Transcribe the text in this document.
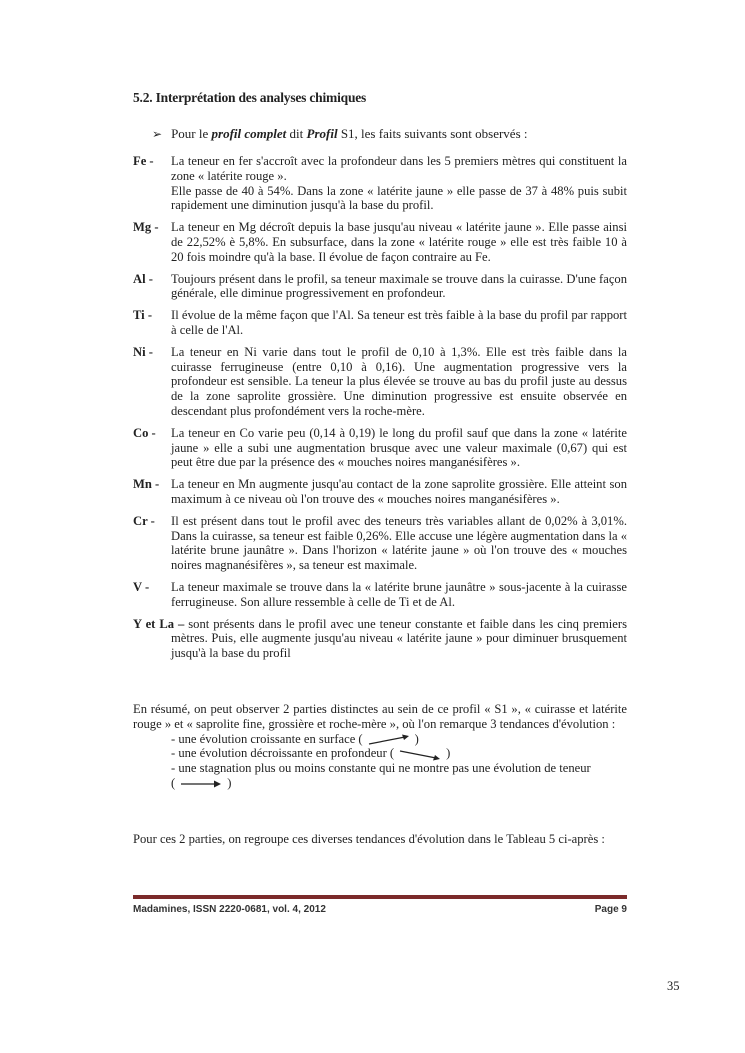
5.2. Interprétation des analyses chimiques
➢ Pour le profil complet dit Profil S1, les faits suivants sont observés :
Fe -	La teneur en fer s'accroît avec la profondeur dans les 5 premiers mètres qui constituent la zone « latérite rouge ».

Elle passe de 40 à 54%. Dans la zone « latérite jaune » elle passe de 37 à 48% puis subit rapidement une diminution jusqu'à la base du profil.

Mg - La teneur en Mg décroît depuis la base jusqu'au niveau « latérite jaune ». Elle passe ainsi de 22,52% è 5,8%. En subsurface, dans la zone « latérite rouge » elle est très faible 10 à 20 fois moindre qu'à la base. Il évolue de façon contraire au Fe.

Al -	Toujours présent dans le profil, sa teneur maximale se trouve dans la cuirasse. D'une façon générale, elle diminue progressivement en profondeur.

Ti -	Il évolue de la même façon que l'Al. Sa teneur est très faible à la base du profil par rapport à celle de l'Al.

Ni -	La teneur en Ni varie dans tout le profil de 0,10 à 1,3%. Elle est très faible dans la cuirasse ferrugineuse (entre 0,10 à 0,16). Une augmentation progressive vers la profondeur est sensible. La teneur la plus élevée se trouve au bas du profil juste au dessus de la zone saprolite grossière. Une diminution progressive est ensuite observée en descendant plus profondément vers la roche-mère.

Co -	La teneur en Co varie peu (0,14 à 0,19) le long du profil sauf que dans la zone « latérite jaune » elle a subi une augmentation brusque avec une valeur maximale (0,67) qui est peut être due par la présence des « mouches noires manganésifères ».

Mn - La teneur en Mn augmente jusqu'au contact de la zone saprolite grossière. Elle atteint son maximum à ce niveau où l'on trouve des « mouches noires manganésifères ».

Cr -	Il est présent dans tout le profil avec des teneurs très variables allant de 0,02% à 3,01%. Dans la cuirasse, sa teneur est faible 0,26%. Elle accuse une légère augmentation dans la « latérite brune jaunâtre ». Dans l'horizon « latérite jaune » où l'on trouve des « mouches noires magnanésifères », sa teneur est maximale.

V -	La teneur maximale se trouve dans la « latérite brune jaunâtre » sous-jacente à la cuirasse ferrugineuse. Son allure ressemble à celle de Ti et de Al.

Y et La – sont présents dans le profil avec une teneur constante et faible dans les cinq premiers mètres. Puis, elle augmente jusqu'au niveau « latérite jaune » pour diminuer brusquement jusqu'à la base du profil

En résumé, on peut observer 2 parties distinctes au sein de ce profil « S1 », « cuirasse et latérite rouge » et « saprolite fine, grossière et roche-mère », où l'on remarque 3 tendances d'évolution :

- une évolution croissante en surface (	)
- une évolution décroissante en profondeur (	)
- une stagnation plus ou moins constante qui ne montre pas une évolution de teneur
(	)
Pour ces 2 parties, on regroupe ces diverses tendances d'évolution dans le Tableau 5 ci-après :
Madamines, ISSN 2220-0681, vol. 4, 2012	Page 9
35
